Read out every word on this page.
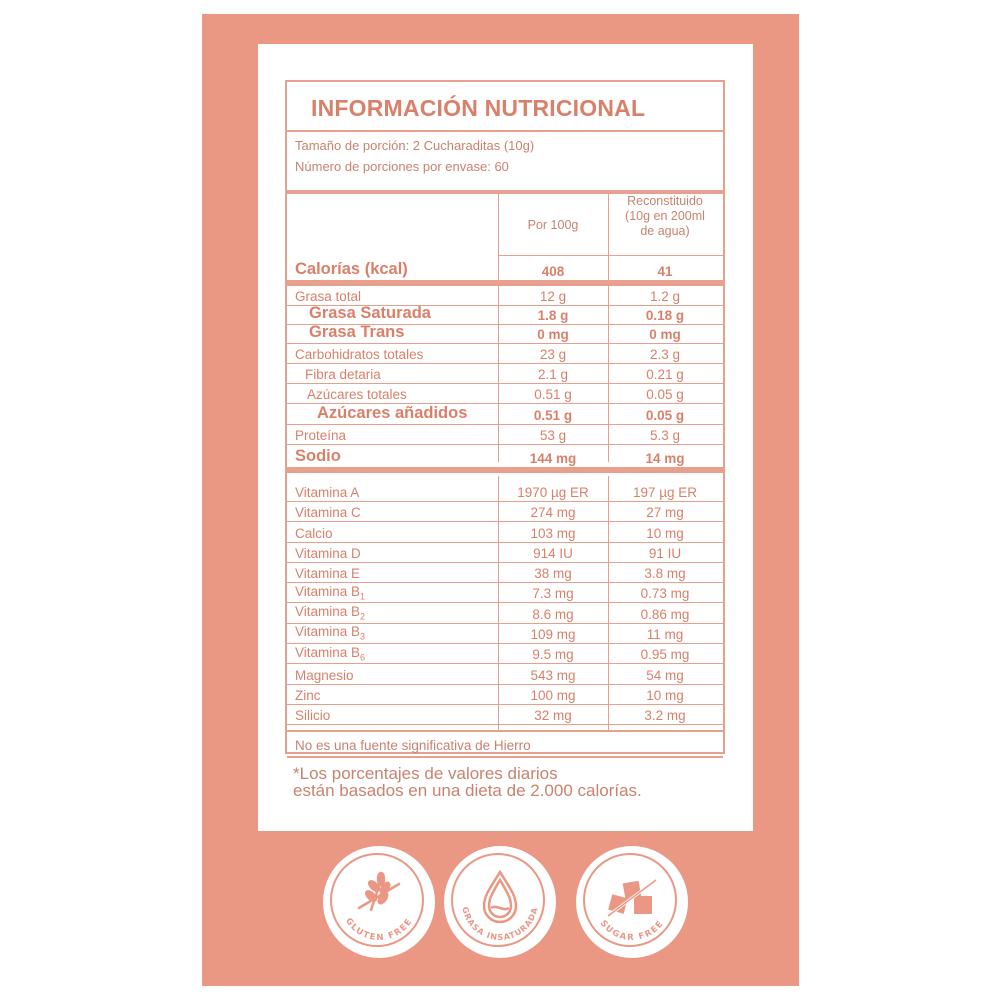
INFORMACIÓN NUTRICIONAL
Tamaño de porción: 2 Cucharaditas (10g)
Número de porciones por envase: 60
Por 100g
Reconstituido
(10g en 200ml
de agua)
Calorías (kcal)	408	41
Grasa total	12 g	1.2 g
Grasa Saturada	1.8 g	0.18 g
Grasa Trans	0 mg	0 mg
Carbohidratos totales	23 g	2.3 g
Fibra detaria	2.1 g	0.21 g
Azúcares totales	0.51 g	0.05 g
Azúcares añadidos	0.51 g	0.05 g
Proteína	53 g	5.3 g
Sodio	144 mg	14 mg
Vitamina A	1970 µg ER	197 µg ER
Vitamina C	274 mg	27 mg
Calcio	103 mg	10 mg
Vitamina D	914 IU	91 IU
Vitamina E	38 mg	3.8 mg
Vitamina $B_1$	7.3 mg	0.73 mg
Vitamina $B_2$	8.6 mg	0.86 mg
Vitamina $B_3$	109 mg	11 mg
Vitamina $B_6$	9.5 mg	0.95 mg
Magnesio	543 mg	54 mg
Zinc	100 mg	10 mg
Silicio	32 mg	3.2 mg
No es una fuente significativa de Hierro
*Los porcentajes de valores diarios
están basados en una dieta de 2.000 calorías.
GLUTEN FREE
GRASA INSATURADA
SUGAR FREE
